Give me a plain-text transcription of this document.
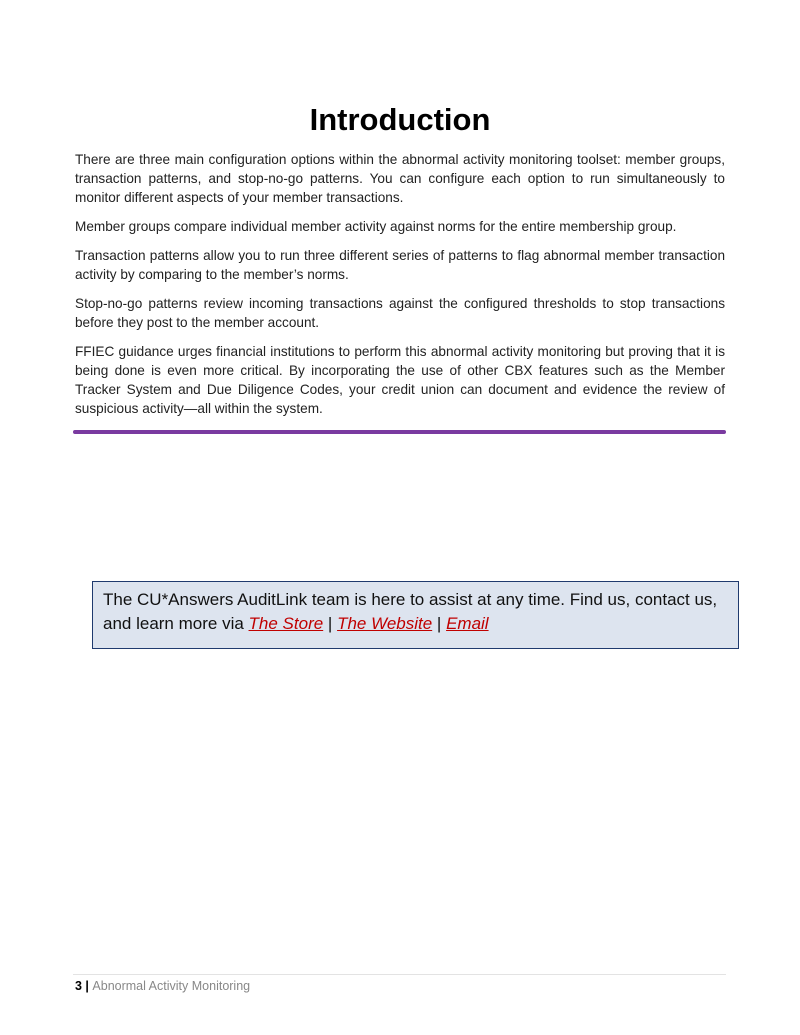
Introduction

There are three main configuration options within the abnormal activity monitoring toolset: member groups, transaction patterns, and stop-no-go patterns. You can configure each option to run simultaneously to monitor different aspects of your member transactions.

Member groups compare individual member activity against norms for the entire membership group.

Transaction patterns allow you to run three different series of patterns to flag abnormal member transaction activity by comparing to the member’s norms.

Stop-no-go patterns review incoming transactions against the configured thresholds to stop transactions before they post to the member account.

FFIEC guidance urges financial institutions to perform this abnormal activity monitoring but proving that it is being done is even more critical. By incorporating the use of other CBX features such as the Member Tracker System and Due Diligence Codes, your credit union can document and evidence the review of suspicious activity—all within the system.

The CU*Answers AuditLink team is here to assist at any time. Find us, contact us, and learn more via The Store | The Website | Email
3 | Abnormal Activity Monitoring
